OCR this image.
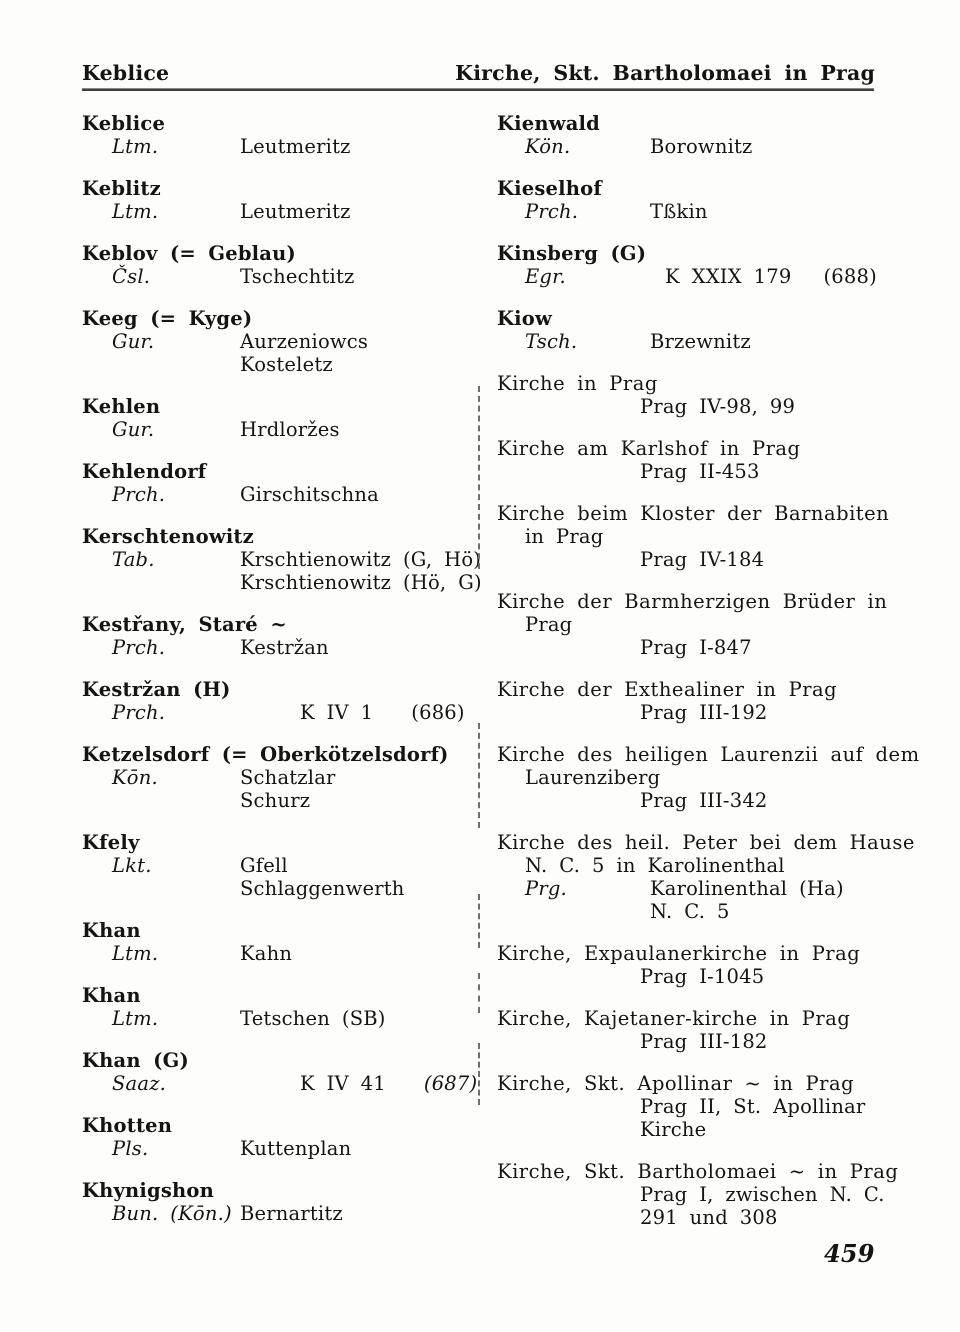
Keblice	Kirche, Skt. Bartholomaei in Prag
Keblice
Ltm.	Leutmeritz
Keblitz
Ltm.	Leutmeritz
Keblov (= Geblau)
Čsl.	Tschechtitz
Keeg (= Kyge)
Gur.	Aurzeniowcs
Kosteletz
Kehlen
Gur.	Hrdloržes
Kehlendorf
Prch.	Girschitschna
Kerschtenowitz
Tab.	Krschtienowitz (G, Hö)
Krschtienowitz (Hö, G)
Kestřany, Staré ~
Prch.	Kestržan
Kestržan (H)
Prch.	K IV 1 (686)
Ketzelsdorf (= Oberkötzelsdorf)
Kōn.	Schatzlar
Schurz
Kfely
Lkt.	Gfell
Schlaggenwerth
Khan
Ltm.	Kahn
Khan
Ltm.	Tetschen (SB)
Khan (G)
Saaz.	K IV 41 (687)
Khotten
Pls.	Kuttenplan
Khynigshon
Bun. (Kōn.) Bernartitz
Kienwald
Kön.	Borownitz
Kieselhof
Prch.	Tßkin
Kinsberg (G)
Egr.	K XXIX 179 (688)
Kiow
Tsch.	Brzewnitz
Kirche in Prag
Prag IV-98, 99
Kirche am Karlshof in Prag
Prag II-453
Kirche beim Kloster der Barnabiten
in Prag
Prag IV-184
Kirche der Barmherzigen Brüder in
Prag
Prag I-847
Kirche der Exthealiner in Prag
Prag III-192
Kirche des heiligen Laurenzii auf dem
Laurenziberg
Prag III-342
Kirche des heil. Peter bei dem Hause
N. C. 5 in Karolinenthal
Prg.	Karolinenthal (Ha)
N. C. 5
Kirche, Expaulanerkirche in Prag
Prag I-1045
Kirche, Kajetaner-kirche in Prag
Prag III-182
Kirche, Skt. Apollinar ~ in Prag
Prag II, St. Apollinar
Kirche
Kirche, Skt. Bartholomaei ~ in Prag
Prag I, zwischen N. C.
291 und 308
459
